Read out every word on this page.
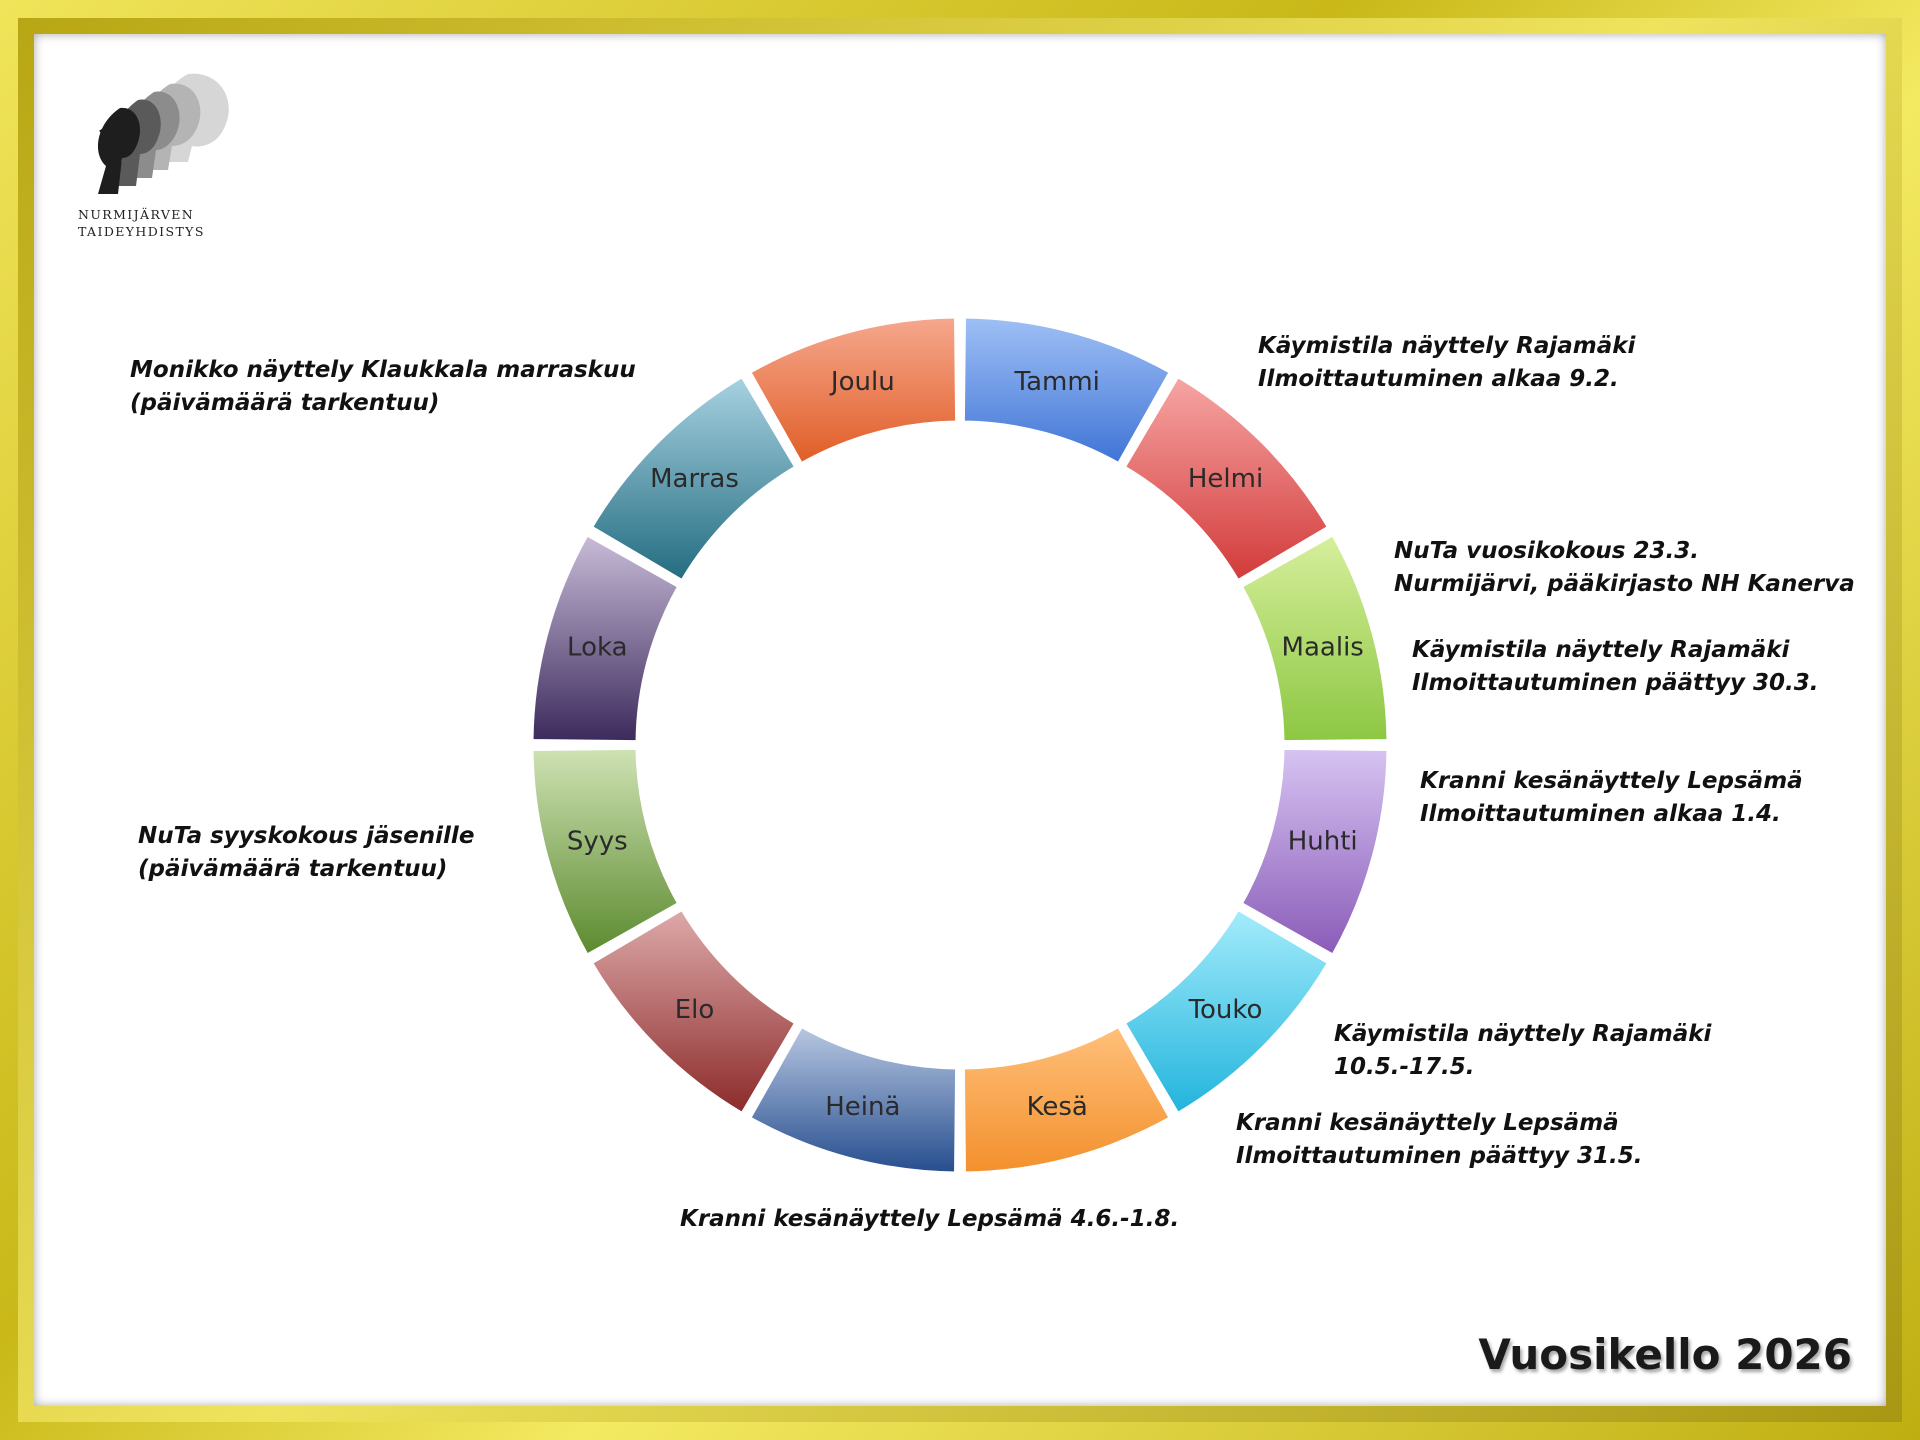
NURMIJÄRVEN
TAIDEYHDISTYS
Tammi
Helmi
Maalis
Huhti
Touko
Kesä
Heinä
Elo
Syys
Loka
Marras
Joulu
Käymistila näyttely Rajamäki
Ilmoittautuminen alkaa 9.2.
NuTa vuosikokous 23.3.
Nurmijärvi, pääkirjasto NH Kanerva
Käymistila näyttely Rajamäki
Ilmoittautuminen päättyy 30.3.
Kranni kesänäyttely Lepsämä
Ilmoittautuminen alkaa 1.4.
Käymistila näyttely Rajamäki
10.5.-17.5.
Kranni kesänäyttely Lepsämä
Ilmoittautuminen päättyy 31.5.
Kranni kesänäyttely Lepsämä 4.6.-1.8.
NuTa syyskokous jäsenille
(päivämäärä tarkentuu)
Monikko näyttely Klaukkala marraskuu
(päivämäärä tarkentuu)
Vuosikello 2026
